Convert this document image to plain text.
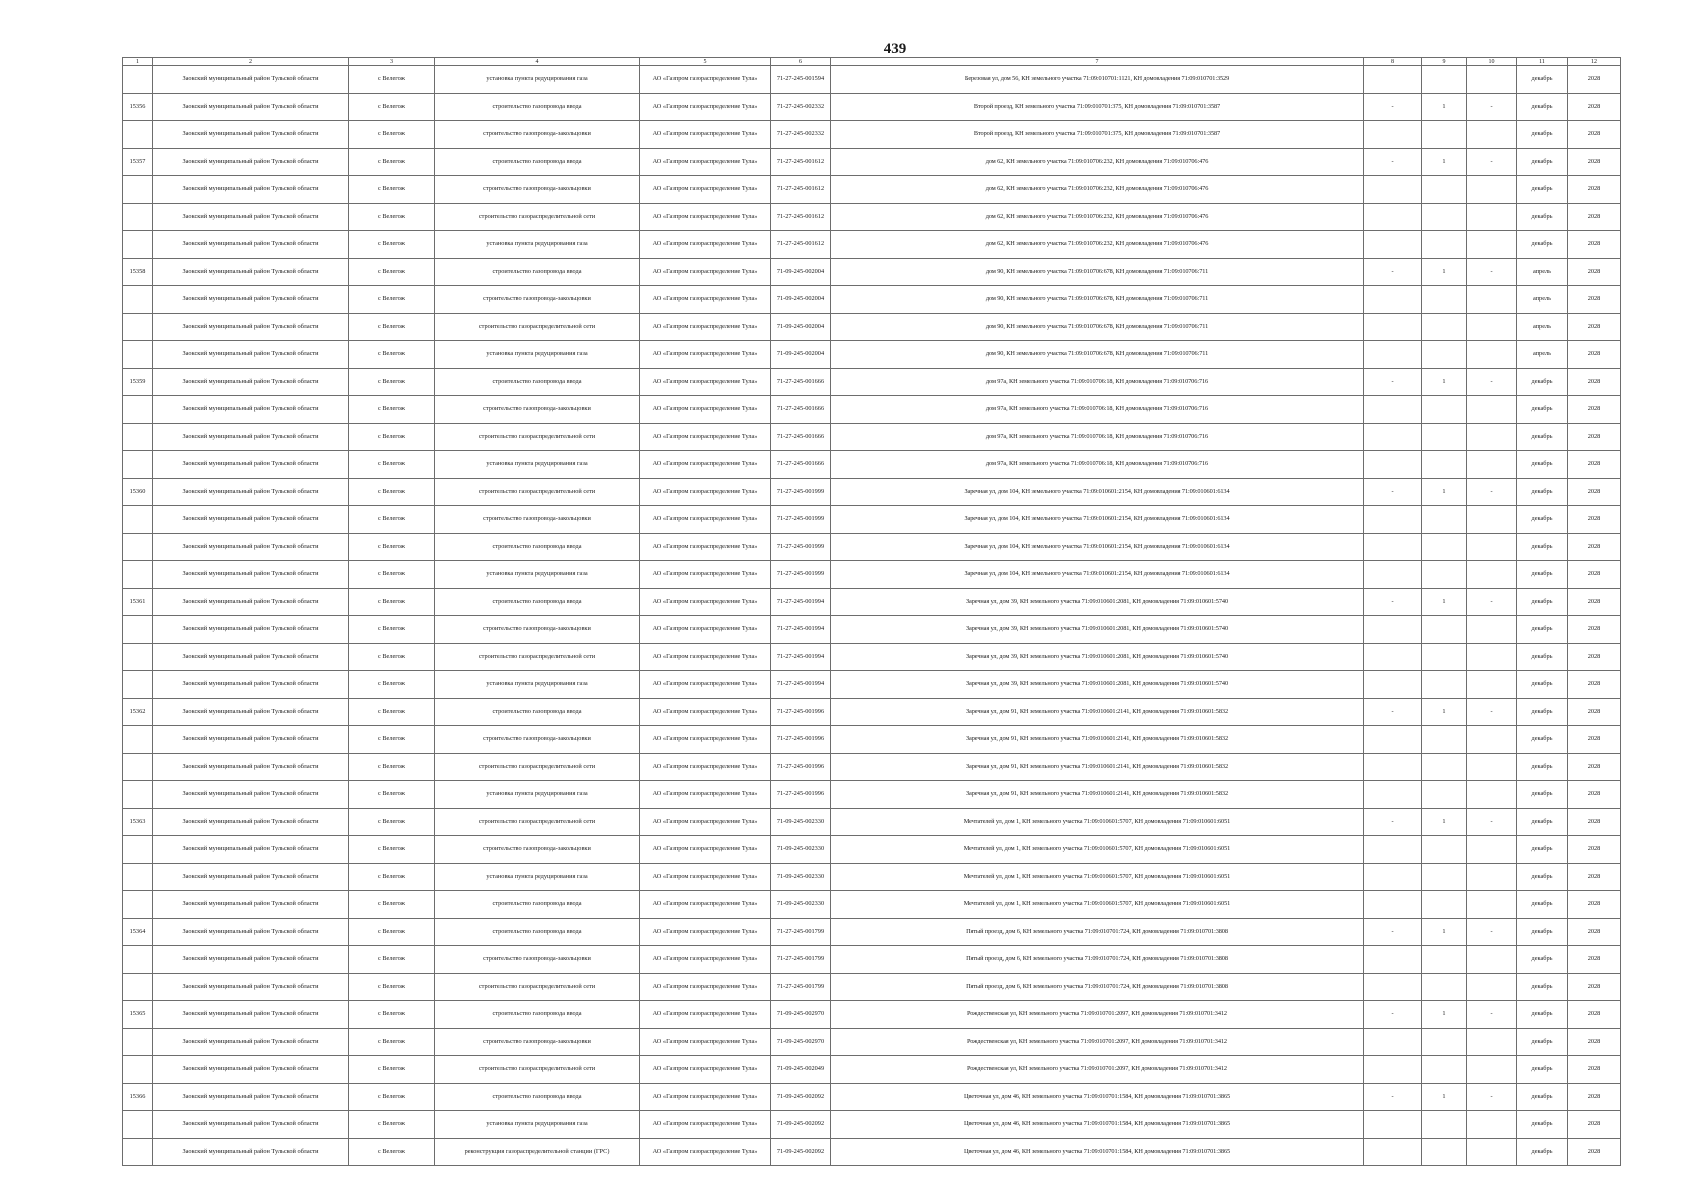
439
1	2	3	4	5	6	7	8	9	10	11	12
	Заокский муниципальный район Тульской области	с Велегож	установка пункта редуцирования газа	АО «Газпром газораспределение Тула»	71-27-245-001594	Березовая ул, дом 56, КН земельного участка 71:09:010701:1121, КН домовладения 71:09:010701:3529				декабрь	2028
15356	Заокский муниципальный район Тульской области	с Велегож	строительство газопровода ввода	АО «Газпром газораспределение Тула»	71-27-245-002332	Второй проезд, КН земельного участка 71:09:010701:375, КН домовладения 71:09:010701:3587	-	1	-	декабрь	2028
	Заокский муниципальный район Тульской области	с Велегож	строительство газопровода-закольцовки	АО «Газпром газораспределение Тула»	71-27-245-002332	Второй проезд, КН земельного участка 71:09:010701:375, КН домовладения 71:09:010701:3587				декабрь	2028
15357	Заокский муниципальный район Тульской области	с Велегож	строительство газопровода ввода	АО «Газпром газораспределение Тула»	71-27-245-001612	дом 62, КН земельного участка 71:09:010706:232, КН домовладения 71:09:010706:476	-	1	-	декабрь	2028
	Заокский муниципальный район Тульской области	с Велегож	строительство газопровода-закольцовки	АО «Газпром газораспределение Тула»	71-27-245-001612	дом 62, КН земельного участка 71:09:010706:232, КН домовладения 71:09:010706:476				декабрь	2028
	Заокский муниципальный район Тульской области	с Велегож	строительство газораспределительной сети	АО «Газпром газораспределение Тула»	71-27-245-001612	дом 62, КН земельного участка 71:09:010706:232, КН домовладения 71:09:010706:476				декабрь	2028
	Заокский муниципальный район Тульской области	с Велегож	установка пункта редуцирования газа	АО «Газпром газораспределение Тула»	71-27-245-001612	дом 62, КН земельного участка 71:09:010706:232, КН домовладения 71:09:010706:476				декабрь	2028
15358	Заокский муниципальный район Тульской области	с Велегож	строительство газопровода ввода	АО «Газпром газораспределение Тула»	71-09-245-002004	дом 90, КН земельного участка 71:09:010706:678, КН домовладения 71:09:010706:711	-	1	-	апрель	2028
	Заокский муниципальный район Тульской области	с Велегож	строительство газопровода-закольцовки	АО «Газпром газораспределение Тула»	71-09-245-002004	дом 90, КН земельного участка 71:09:010706:678, КН домовладения 71:09:010706:711				апрель	2028
	Заокский муниципальный район Тульской области	с Велегож	строительство газораспределительной сети	АО «Газпром газораспределение Тула»	71-09-245-002004	дом 90, КН земельного участка 71:09:010706:678, КН домовладения 71:09:010706:711				апрель	2028
	Заокский муниципальный район Тульской области	с Велегож	установка пункта редуцирования газа	АО «Газпром газораспределение Тула»	71-09-245-002004	дом 90, КН земельного участка 71:09:010706:678, КН домовладения 71:09:010706:711				апрель	2028
15359	Заокский муниципальный район Тульской области	с Велегож	строительство газопровода ввода	АО «Газпром газораспределение Тула»	71-27-245-001666	дом 97а, КН земельного участка 71:09:010706:18, КН домовладения 71:09:010706:716	-	1	-	декабрь	2028
	Заокский муниципальный район Тульской области	с Велегож	строительство газопровода-закольцовки	АО «Газпром газораспределение Тула»	71-27-245-001666	дом 97а, КН земельного участка 71:09:010706:18, КН домовладения 71:09:010706:716				декабрь	2028
	Заокский муниципальный район Тульской области	с Велегож	строительство газораспределительной сети	АО «Газпром газораспределение Тула»	71-27-245-001666	дом 97а, КН земельного участка 71:09:010706:18, КН домовладения 71:09:010706:716				декабрь	2028
	Заокский муниципальный район Тульской области	с Велегож	установка пункта редуцирования газа	АО «Газпром газораспределение Тула»	71-27-245-001666	дом 97а, КН земельного участка 71:09:010706:18, КН домовладения 71:09:010706:716				декабрь	2028
15360	Заокский муниципальный район Тульской области	с Велегож	строительство газораспределительной сети	АО «Газпром газораспределение Тула»	71-27-245-001999	Заречная ул, дом 104, КН земельного участка 71:09:010601:2154, КН домовладения 71:09:010601:6134	-	1	-	декабрь	2028
	Заокский муниципальный район Тульской области	с Велегож	строительство газопровода-закольцовки	АО «Газпром газораспределение Тула»	71-27-245-001999	Заречная ул, дом 104, КН земельного участка 71:09:010601:2154, КН домовладения 71:09:010601:6134				декабрь	2028
	Заокский муниципальный район Тульской области	с Велегож	строительство газопровода ввода	АО «Газпром газораспределение Тула»	71-27-245-001999	Заречная ул, дом 104, КН земельного участка 71:09:010601:2154, КН домовладения 71:09:010601:6134				декабрь	2028
	Заокский муниципальный район Тульской области	с Велегож	установка пункта редуцирования газа	АО «Газпром газораспределение Тула»	71-27-245-001999	Заречная ул, дом 104, КН земельного участка 71:09:010601:2154, КН домовладения 71:09:010601:6134				декабрь	2028
15361	Заокский муниципальный район Тульской области	с Велегож	строительство газопровода ввода	АО «Газпром газораспределение Тула»	71-27-245-001994	Заречная ул, дом 39, КН земельного участка 71:09:010601:2081, КН домовладения 71:09:010601:5740	-	1	-	декабрь	2028
	Заокский муниципальный район Тульской области	с Велегож	строительство газопровода-закольцовки	АО «Газпром газораспределение Тула»	71-27-245-001994	Заречная ул, дом 39, КН земельного участка 71:09:010601:2081, КН домовладения 71:09:010601:5740				декабрь	2028
	Заокский муниципальный район Тульской области	с Велегож	строительство газораспределительной сети	АО «Газпром газораспределение Тула»	71-27-245-001994	Заречная ул, дом 39, КН земельного участка 71:09:010601:2081, КН домовладения 71:09:010601:5740				декабрь	2028
	Заокский муниципальный район Тульской области	с Велегож	установка пункта редуцирования газа	АО «Газпром газораспределение Тула»	71-27-245-001994	Заречная ул, дом 39, КН земельного участка 71:09:010601:2081, КН домовладения 71:09:010601:5740				декабрь	2028
15362	Заокский муниципальный район Тульской области	с Велегож	строительство газопровода ввода	АО «Газпром газораспределение Тула»	71-27-245-001996	Заречная ул, дом 91, КН земельного участка 71:09:010601:2141, КН домовладения 71:09:010601:5832	-	1	-	декабрь	2028
	Заокский муниципальный район Тульской области	с Велегож	строительство газопровода-закольцовки	АО «Газпром газораспределение Тула»	71-27-245-001996	Заречная ул, дом 91, КН земельного участка 71:09:010601:2141, КН домовладения 71:09:010601:5832				декабрь	2028
	Заокский муниципальный район Тульской области	с Велегож	строительство газораспределительной сети	АО «Газпром газораспределение Тула»	71-27-245-001996	Заречная ул, дом 91, КН земельного участка 71:09:010601:2141, КН домовладения 71:09:010601:5832				декабрь	2028
	Заокский муниципальный район Тульской области	с Велегож	установка пункта редуцирования газа	АО «Газпром газораспределение Тула»	71-27-245-001996	Заречная ул, дом 91, КН земельного участка 71:09:010601:2141, КН домовладения 71:09:010601:5832				декабрь	2028
15363	Заокский муниципальный район Тульской области	с Велегож	строительство газораспределительной сети	АО «Газпром газораспределение Тула»	71-09-245-002330	Мечтателей ул, дом 1, КН земельного участка 71:09:010601:5707, КН домовладения 71:09:010601:6051	-	1	-	декабрь	2028
	Заокский муниципальный район Тульской области	с Велегож	строительство газопровода-закольцовки	АО «Газпром газораспределение Тула»	71-09-245-002330	Мечтателей ул, дом 1, КН земельного участка 71:09:010601:5707, КН домовладения 71:09:010601:6051				декабрь	2028
	Заокский муниципальный район Тульской области	с Велегож	установка пункта редуцирования газа	АО «Газпром газораспределение Тула»	71-09-245-002330	Мечтателей ул, дом 1, КН земельного участка 71:09:010601:5707, КН домовладения 71:09:010601:6051				декабрь	2028
	Заокский муниципальный район Тульской области	с Велегож	строительство газопровода ввода	АО «Газпром газораспределение Тула»	71-09-245-002330	Мечтателей ул, дом 1, КН земельного участка 71:09:010601:5707, КН домовладения 71:09:010601:6051				декабрь	2028
15364	Заокский муниципальный район Тульской области	с Велегож	строительство газопровода ввода	АО «Газпром газораспределение Тула»	71-27-245-001799	Пятый проезд, дом 6, КН земельного участка 71:09:010701:724, КН домовладения 71:09:010701:3808	-	1	-	декабрь	2028
	Заокский муниципальный район Тульской области	с Велегож	строительство газопровода-закольцовки	АО «Газпром газораспределение Тула»	71-27-245-001799	Пятый проезд, дом 6, КН земельного участка 71:09:010701:724, КН домовладения 71:09:010701:3808				декабрь	2028
	Заокский муниципальный район Тульской области	с Велегож	строительство газораспределительной сети	АО «Газпром газораспределение Тула»	71-27-245-001799	Пятый проезд, дом 6, КН земельного участка 71:09:010701:724, КН домовладения 71:09:010701:3808				декабрь	2028
15365	Заокский муниципальный район Тульской области	с Велегож	строительство газопровода ввода	АО «Газпром газораспределение Тула»	71-09-245-002970	Рождественская ул, КН земельного участка 71:09:010701:2097, КН домовладения 71:09:010701:3412	-	1	-	декабрь	2028
	Заокский муниципальный район Тульской области	с Велегож	строительство газопровода-закольцовки	АО «Газпром газораспределение Тула»	71-09-245-002970	Рождественская ул, КН земельного участка 71:09:010701:2097, КН домовладения 71:09:010701:3412				декабрь	2028
	Заокский муниципальный район Тульской области	с Велегож	строительство газораспределительной сети	АО «Газпром газораспределение Тула»	71-09-245-002049	Рождественская ул, КН земельного участка 71:09:010701:2097, КН домовладения 71:09:010701:3412				декабрь	2028
15366	Заокский муниципальный район Тульской области	с Велегож	строительство газопровода ввода	АО «Газпром газораспределение Тула»	71-09-245-002092	Цветочная ул, дом 46, КН земельного участка 71:09:010701:1584, КН домовладения 71:09:010701:3865	-	1	-	декабрь	2028
	Заокский муниципальный район Тульской области	с Велегож	установка пункта редуцирования газа	АО «Газпром газораспределение Тула»	71-09-245-002092	Цветочная ул, дом 46, КН земельного участка 71:09:010701:1584, КН домовладения 71:09:010701:3865				декабрь	2028
	Заокский муниципальный район Тульской области	с Велегож	реконструкция газораспределительной станции (ГРС)	АО «Газпром газораспределение Тула»	71-09-245-002092	Цветочная ул, дом 46, КН земельного участка 71:09:010701:1584, КН домовладения 71:09:010701:3865				декабрь	2028
